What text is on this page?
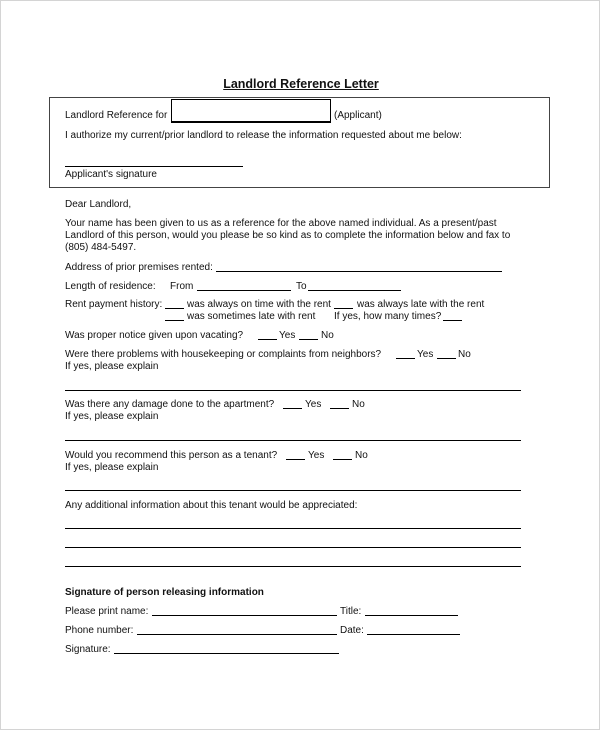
Landlord Reference Letter
Landlord Reference for	(Applicant)
I authorize my current/prior landlord to release the information requested about me below:
Applicant's signature
Dear Landlord,
Your name has been given to us as a reference for the above named individual. As a present/past
Landlord of this person, would you please be so kind as to complete the information below and fax to
(805) 484-5497.
Address of prior premises rented:
Length of residence: From	To
Rent payment history: was always on time with the rent	was always late with the rent
was sometimes late with rent If yes, how many times?
Was proper notice given upon vacating?	Yes	No
Were there problems with housekeeping or complaints from neighbors?	Yes No
If yes, please explain
Was there any damage done to the apartment?	Yes	No
If yes, please explain
Would you recommend this person as a tenant?	Yes	No
If yes, please explain
Any additional information about this tenant would be appreciated:
Signature of person releasing information
Please print name:	Title:
Phone number:	Date:
Signature:
